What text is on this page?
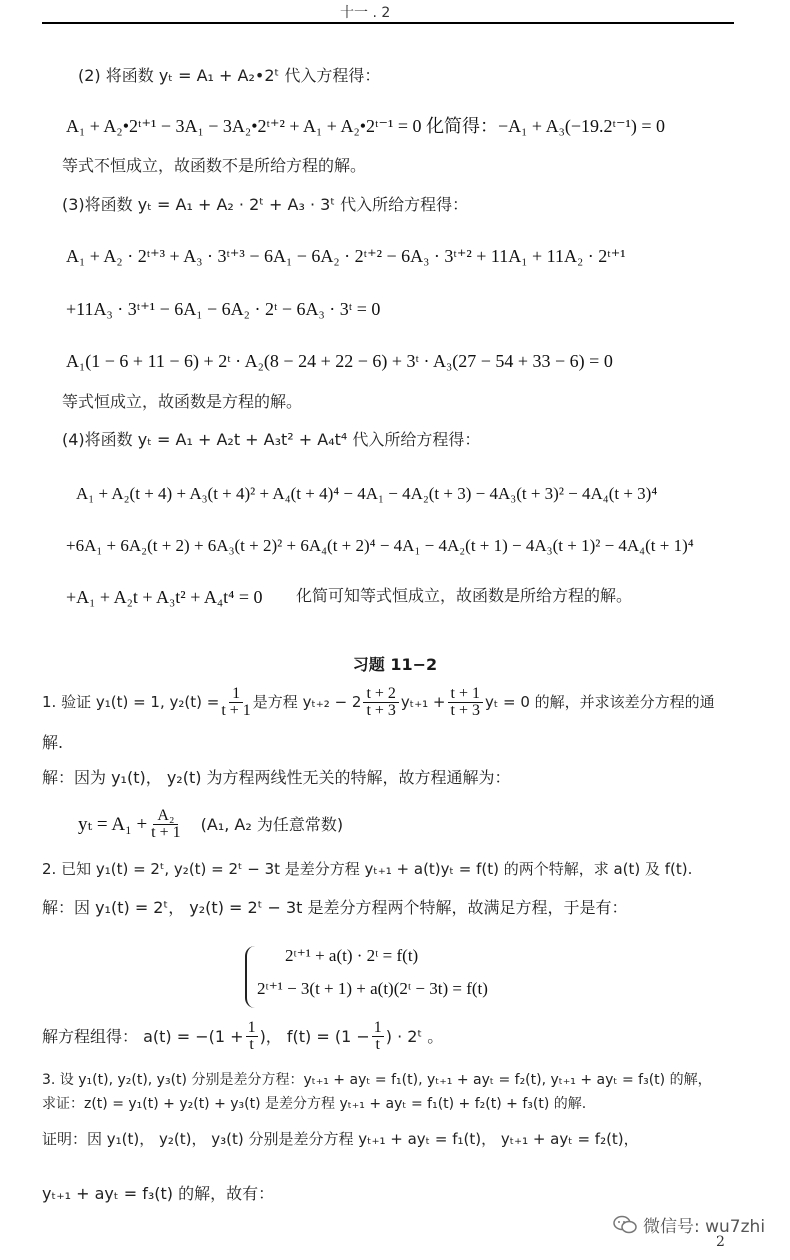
十一 . 2
(2) 将函数 yₜ = A₁ + A₂•2ᵗ 代入方程得：
A₁ + A₂•2ᵗ⁺¹ − 3A₁ − 3A₂•2ᵗ⁺² + A₁ + A₂•2ᵗ⁻¹ = 0 化简得：−A₁ + A₃(−19.2ᵗ⁻¹) = 0
等式不恒成立，故函数不是所给方程的解。
(3)将函数 yₜ = A₁ + A₂ · 2ᵗ + A₃ · 3ᵗ 代入所给方程得：
A₁ + A₂ · 2ᵗ⁺³ + A₃ · 3ᵗ⁺³ − 6A₁ − 6A₂ · 2ᵗ⁺² − 6A₃ · 3ᵗ⁺² + 11A₁ + 11A₂ · 2ᵗ⁺¹
+11A₃ · 3ᵗ⁺¹ − 6A₁ − 6A₂ · 2ᵗ − 6A₃ · 3ᵗ = 0
A₁(1 − 6 + 11 − 6) + 2ᵗ · A₂(8 − 24 + 22 − 6) + 3ᵗ · A₃(27 − 54 + 33 − 6) = 0
等式恒成立，故函数是方程的解。
(4)将函数 yₜ = A₁ + A₂t + A₃t² + A₄t⁴ 代入所给方程得：
A₁ + A₂(t + 4) + A₃(t + 4)² + A₄(t + 4)⁴ − 4A₁ − 4A₂(t + 3) − 4A₃(t + 3)² − 4A₄(t + 3)⁴
+6A₁ + 6A₂(t + 2) + 6A₃(t + 2)² + 6A₄(t + 2)⁴ − 4A₁ − 4A₂(t + 1) − 4A₃(t + 1)² − 4A₄(t + 1)⁴
+A₁ + A₂t + A₃t² + A₄t⁴ = 0 化简可知等式恒成立，故函数是所给方程的解。
习题 11−2
1. 验证 y₁(t) = 1, $y_2(t) = \frac{1}{t + 1}$ 是方程 $y_{t+2} - 2 \frac{t + 2}{t + 3} y_{t+1} + \frac{t + 1}{t + 3}$ yₜ = 0 的解，并求该差分方程的通
解.
解：因为 y₁(t)， y₂(t) 为方程两线性无关的特解，故方程通解为：
$y_t = A_1 + \frac{\text{A₂}}{t + 1} (A_1$, A₂ 为任意常数)
2. 已知 y₁(t) = 2ᵗ, y₂(t) = 2ᵗ − 3t 是差分方程 yₜ₊₁ + a(t)yₜ = f(t) 的两个特解，求 a(t) 及 f(t).
解：因 y₁(t) = 2ᵗ， y₂(t) = 2ᵗ − 3t 是差分方程两个特解，故满足方程，于是有：
2ᵗ⁺¹ + a(t) · 2ᵗ = f(t)
2ᵗ⁺¹ − 3(t + 1) + a(t)(2ᵗ − 3t) = f(t)
解方程组得： $a(t) = -(1 + \frac{1}{t}$ )， $f(t) = (1 - \frac{1}{t}$ ) · 2ᵗ 。
3. 设 y₁(t), y₂(t), y₃(t) 分别是差分方程：yₜ₊₁ + ayₜ = f₁(t), yₜ₊₁ + ayₜ = f₂(t), yₜ₊₁ + ayₜ = f₃(t) 的解，
求证：z(t) = y₁(t) + y₂(t) + y₃(t) 是差分方程 yₜ₊₁ + ayₜ = f₁(t) + f₂(t) + f₃(t) 的解.
证明：因 y₁(t)， y₂(t)， y₃(t) 分别是差分方程 yₜ₊₁ + ayₜ = f₁(t)， yₜ₊₁ + ayₜ = f₂(t)，
yₜ₊₁ + ayₜ = f₃(t) 的解，故有：
微信号: wu7zhi
2
